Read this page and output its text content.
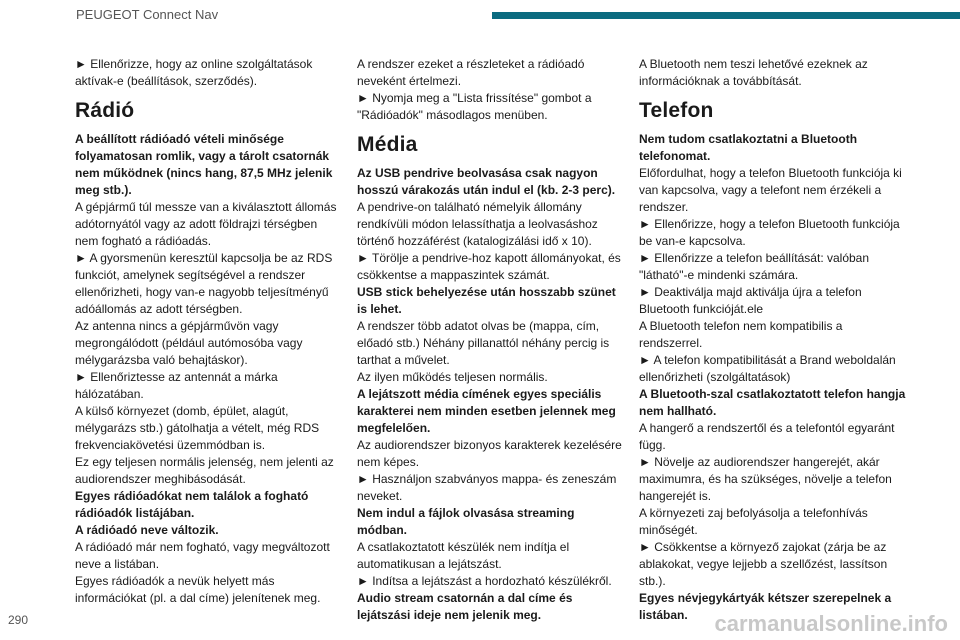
PEUGEOT Connect Nav

► Ellenőrizze, hogy az online szolgáltatások aktívak-e (beállítások, szerződés).

Rádió

A beállított rádióadó vételi minősége folyamatosan romlik, vagy a tárolt csatornák nem működnek (nincs hang, 87,5 MHz jelenik meg stb.).

A gépjármű túl messze van a kiválasztott állomás adótornyától vagy az adott földrajzi térségben nem fogható a rádióadás.

► A gyorsmenün keresztül kapcsolja be az RDS funkciót, amelynek segítségével a rendszer ellenőrizheti, hogy van-e nagyobb teljesítményű adóállomás az adott térségben.

Az antenna nincs a gépjárművön vagy megrongálódott (például autómosóba vagy mélygarázsba való behajtáskor).

► Ellenőriztesse az antennát a márka hálózatában.

A külső környezet (domb, épület, alagút, mélygarázs stb.) gátolhatja a vételt, még RDS frekvenciakövetési üzemmódban is.

Ez egy teljesen normális jelenség, nem jelenti az audiorendszer meghibásodását.

Egyes rádióadókat nem találok a fogható rádióadók listájában.

A rádióadó neve változik.

A rádióadó már nem fogható, vagy megváltozott neve a listában.

Egyes rádióadók a nevük helyett más információkat (pl. a dal címe) jelenítenek meg.

A rendszer ezeket a részleteket a rádióadó neveként értelmezi.

► Nyomja meg a "Lista frissítése" gombot a "Rádióadók" másodlagos menüben.

Média

Az USB pendrive beolvasása csak nagyon hosszú várakozás után indul el (kb. 2-3 perc).

A pendrive-on található némelyik állomány rendkívüli módon lelassíthatja a leolvasáshoz történő hozzáférést (katalogizálási idő x 10).

► Törölje a pendrive-hoz kapott állományokat, és csökkentse a mappaszintek számát.

USB stick behelyezése után hosszabb szünet is lehet.

A rendszer több adatot olvas be (mappa, cím, előadó stb.) Néhány pillanattól néhány percig is tarthat a művelet.

Az ilyen működés teljesen normális.

A lejátszott média címének egyes speciális karakterei nem minden esetben jelennek meg megfelelően.

Az audiorendszer bizonyos karakterek kezelésére nem képes.

► Használjon szabványos mappa- és zeneszám neveket.

Nem indul a fájlok olvasása streaming módban.

A csatlakoztatott készülék nem indítja el automatikusan a lejátszást.

► Indítsa a lejátszást a hordozható készülékről.

Audio stream csatornán a dal címe és lejátszási ideje nem jelenik meg.

A Bluetooth nem teszi lehetővé ezeknek az információknak a továbbítását.

Telefon

Nem tudom csatlakoztatni a Bluetooth telefonomat.

Előfordulhat, hogy a telefon Bluetooth funkciója ki van kapcsolva, vagy a telefont nem érzékeli a rendszer.

► Ellenőrizze, hogy a telefon Bluetooth funkciója be van-e kapcsolva.

► Ellenőrizze a telefon beállítását: valóban "látható"-e mindenki számára.

► Deaktiválja majd aktiválja újra a telefon Bluetooth funkcióját.ele

A Bluetooth telefon nem kompatibilis a rendszerrel.

► A telefon kompatibilitását a Brand weboldalán ellenőrizheti (szolgáltatások)

A Bluetooth-szal csatlakoztatott telefon hangja nem hallható.

A hangerő a rendszertől és a telefontól egyaránt függ.

► Növelje az audiorendszer hangerejét, akár maximumra, és ha szükséges, növelje a telefon hangerejét is.

A környezeti zaj befolyásolja a telefonhívás minőségét.

► Csökkentse a környező zajokat (zárja be az ablakokat, vegye lejjebb a szellőzést, lassítson stb.).

Egyes névjegykártyák kétszer szerepelnek a listában.

290	carmanualsonline.info
